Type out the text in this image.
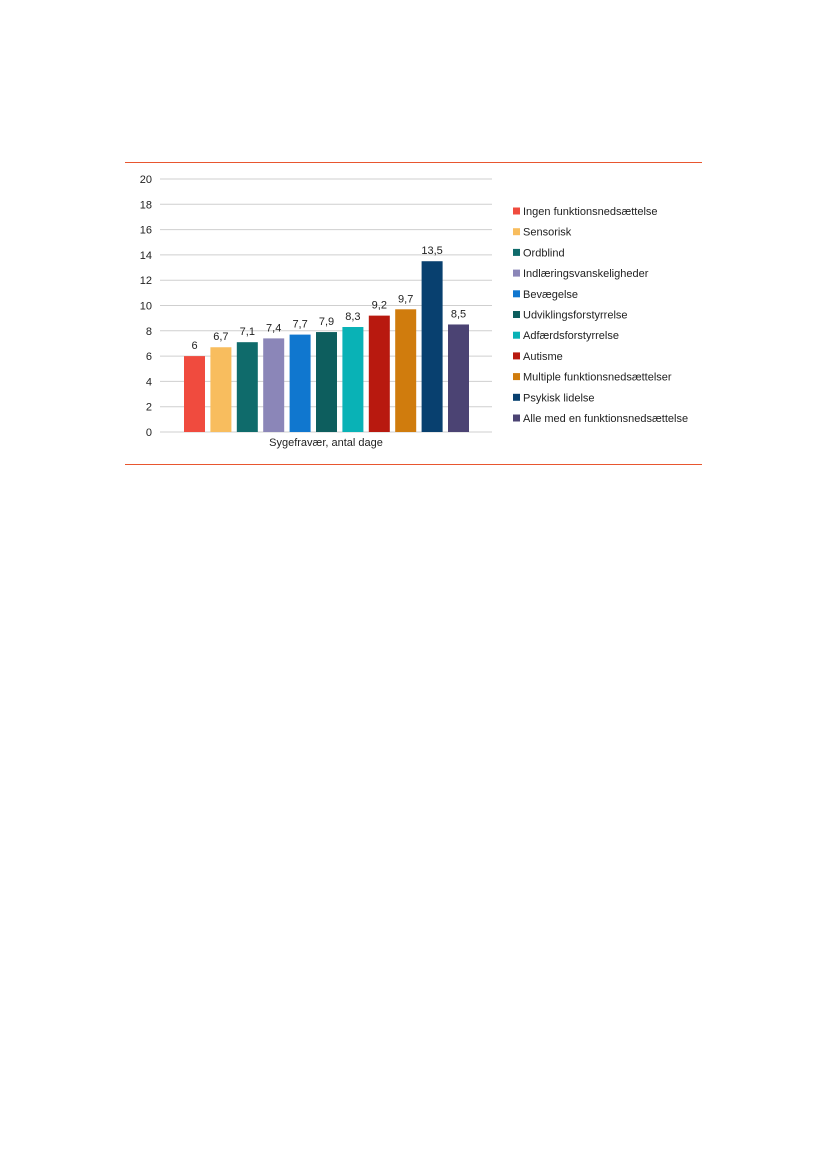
0
2
4
6
8
10
12
14
16
18
20
6
6,7 7,1 7,4 7,7 7,9 8,3
9,2
9,7
13,5
8,5
Sygefravær, antal dage
Ingen funktionsnedsættelse
Sensorisk
Ordblind
Indlæringsvanskeligheder
Bevægelse
Udviklingsforstyrrelse
Adfærdsforstyrrelse
Autisme
Multiple funktionsnedsættelser
Psykisk lidelse
Alle med en funktionsnedsættelse
